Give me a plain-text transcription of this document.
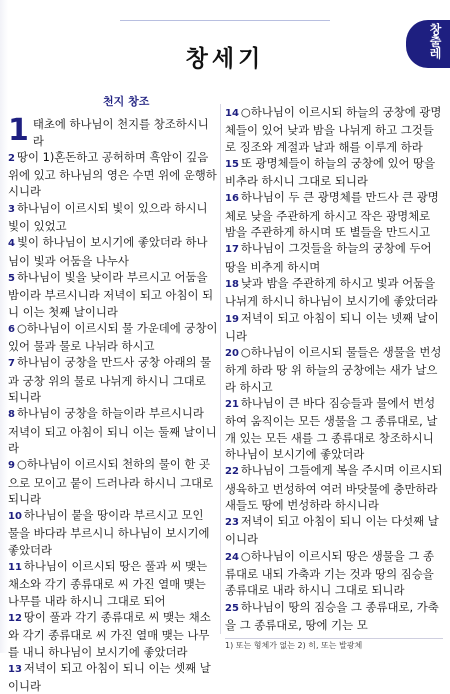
창출레
창세기
천지 창조

1 태초에 하나님이 천지를 창조하시니라

2 땅이 1)혼돈하고 공허하며 흑암이 깊음 위에 있고 하나님의 영은 수면 위에 운행하시니라

3 하나님이 이르시되 빛이 있으라 하시니 빛이 있었고

4 빛이 하나님이 보시기에 좋았더라 하나님이 빛과 어둠을 나누사

5 하나님이 빛을 낮이라 부르시고 어둠을 밤이라 부르시니라 저녁이 되고 아침이 되니 이는 첫째 날이니라

6 ○하나님이 이르시되 물 가운데에 궁창이 있어 물과 물로 나뉘라 하시고

7 하나님이 궁창을 만드사 궁창 아래의 물과 궁창 위의 물로 나뉘게 하시니 그대로 되니라

8 하나님이 궁창을 하늘이라 부르시니라 저녁이 되고 아침이 되니 이는 둘째 날이니라

9 ○하나님이 이르시되 천하의 물이 한 곳으로 모이고 뭍이 드러나라 하시니 그대로 되니라

10 하나님이 뭍을 땅이라 부르시고 모인 물을 바다라 부르시니 하나님이 보시기에 좋았더라

11 하나님이 이르시되 땅은 풀과 씨 맺는 채소와 각기 종류대로 씨 가진 열매 맺는 나무를 내라 하시니 그대로 되어

12 땅이 풀과 각기 종류대로 씨 맺는 채소와 각기 종류대로 씨 가진 열매 맺는 나무를 내니 하나님이 보시기에 좋았더라

13 저녁이 되고 아침이 되니 이는 셋째 날이니라

14 ○하나님이 이르시되 하늘의 궁창에 광명체들이 있어 낮과 밤을 나뉘게 하고 그것들로 징조와 계절과 날과 해를 이루게 하라

15 또 광명체들이 하늘의 궁창에 있어 땅을 비추라 하시니 그대로 되니라

16 하나님이 두 큰 광명체를 만드사 큰 광명체로 낮을 주관하게 하시고 작은 광명체로 밤을 주관하게 하시며 또 별들을 만드시고

17 하나님이 그것들을 하늘의 궁창에 두어 땅을 비추게 하시며

18 낮과 밤을 주관하게 하시고 빛과 어둠을 나뉘게 하시니 하나님이 보시기에 좋았더라

19 저녁이 되고 아침이 되니 이는 넷째 날이니라

20 ○하나님이 이르시되 물들은 생물을 번성하게 하라 땅 위 하늘의 궁창에는 새가 날으라 하시고

21 하나님이 큰 바다 짐승들과 물에서 번성하여 움직이는 모든 생물을 그 종류대로, 날개 있는 모든 새를 그 종류대로 창조하시니 하나님이 보시기에 좋았더라

22 하나님이 그들에게 복을 주시며 이르시되 생육하고 번성하여 여러 바닷물에 충만하라 새들도 땅에 번성하라 하시니라

23 저녁이 되고 아침이 되니 이는 다섯째 날이니라

24 ○하나님이 이르시되 땅은 생물을 그 종류대로 내되 가축과 기는 것과 땅의 짐승을 종류대로 내라 하시니 그대로 되니라

25 하나님이 땅의 짐승을 그 종류대로, 가축을 그 종류대로, 땅에 기는 모

1) 또는 형체가 없는 2) 히, 또는 발광체
